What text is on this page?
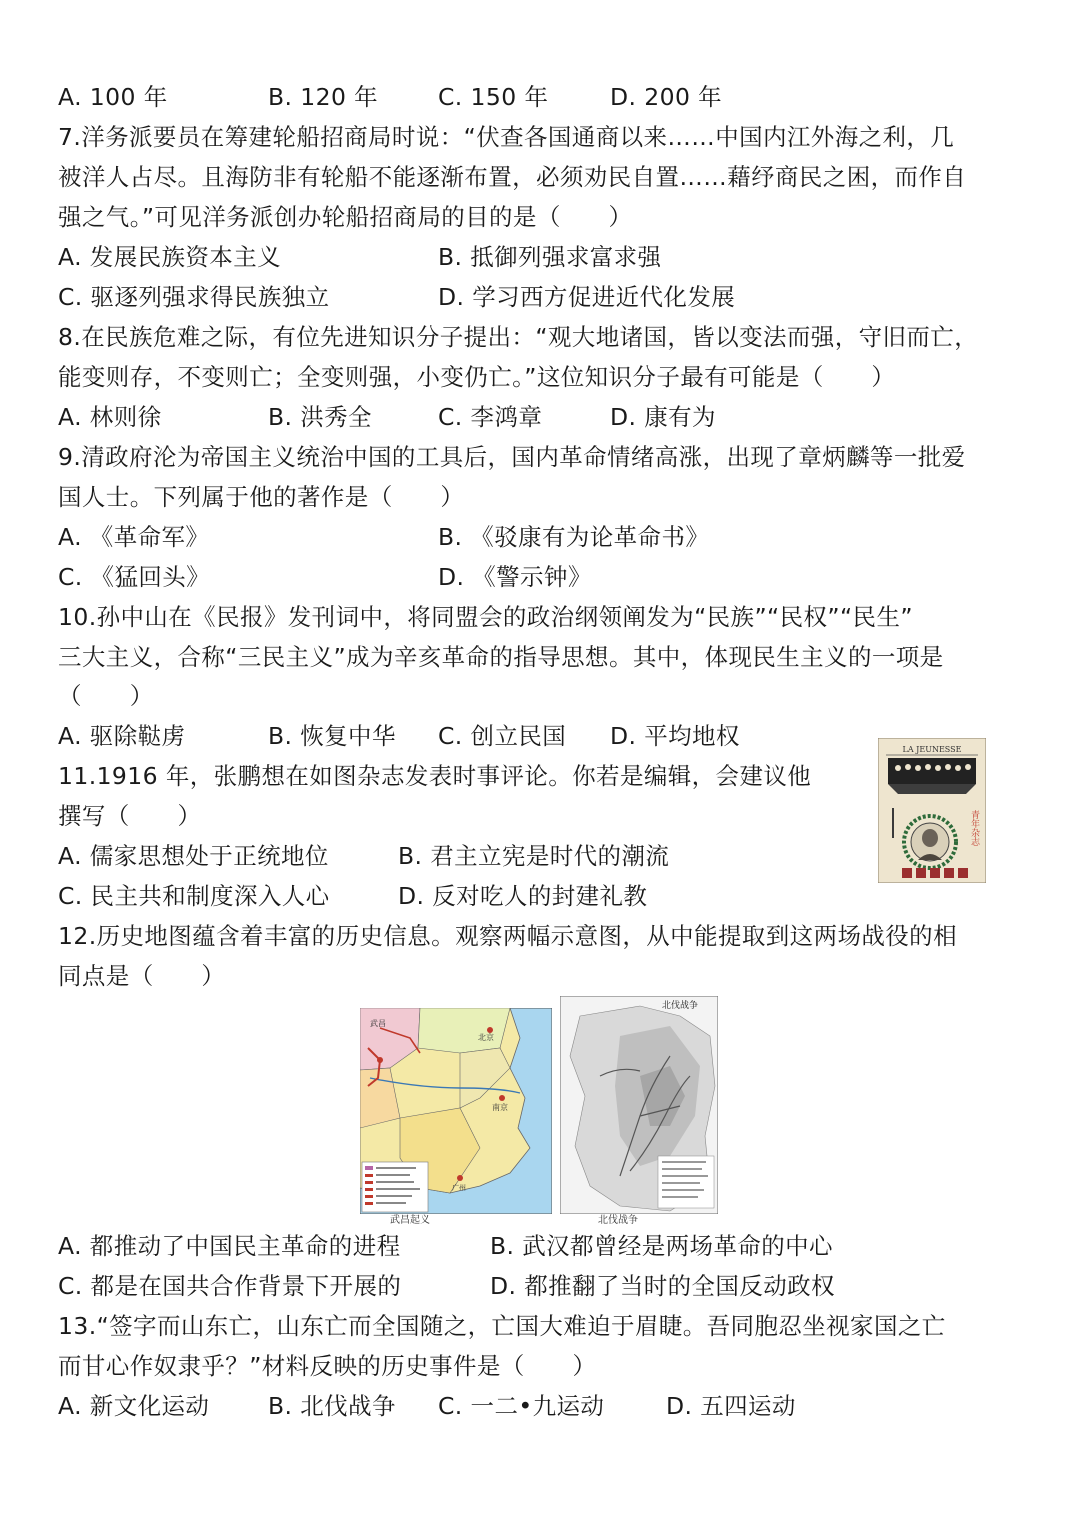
A. 100 年	B. 120 年	C. 150 年	D. 200 年
7.洋务派要员在筹建轮船招商局时说：“伏查各国通商以来……中国内江外海之利，几
被洋人占尽。且海防非有轮船不能逐渐布置，必须劝民自置……藉纾商民之困，而作自
强之气。”可见洋务派创办轮船招商局的目的是（　　）
A. 发展民族资本主义	B. 抵御列强求富求强
C. 驱逐列强求得民族独立	D. 学习西方促进近代化发展
8.在民族危难之际，有位先进知识分子提出：“观大地诸国，皆以变法而强，守旧而亡，
能变则存，不变则亡；全变则强，小变仍亡。”这位知识分子最有可能是（　　）
A. 林则徐	B. 洪秀全	C. 李鸿章	D. 康有为
9.清政府沦为帝国主义统治中国的工具后，国内革命情绪高涨，出现了章炳麟等一批爱
国人士。下列属于他的著作是（　　）
A. 《革命军》	B. 《驳康有为论革命书》
C. 《猛回头》	D. 《警示钟》
10.孙中山在《民报》发刊词中，将同盟会的政治纲领阐发为“民族”“民权”“民生”
三大主义，合称“三民主义”成为辛亥革命的指导思想。其中，体现民生主义的一项是
（　　）
A. 驱除鞑虏	B. 恢复中华 C. 创立民国 D. 平均地权
11.1916 年，张鹏想在如图杂志发表时事评论。你若是编辑，会建议他
撰写（　　）
A. 儒家思想处于正统地位	B. 君主立宪是时代的潮流
C. 民主共和制度深入人心	D. 反对吃人的封建礼教
LA JEUNESSE
青年杂志
12.历史地图蕴含着丰富的历史信息。观察两幅示意图，从中能提取到这两场战役的相
同点是（　　）
武昌
北京
南京
广州
武昌起义
北伐战争
北伐战争
A. 都推动了中国民主革命的进程	B. 武汉都曾经是两场革命的中心
C. 都是在国共合作背景下开展的	D. 都推翻了当时的全国反动政权
13.“签字而山东亡，山东亡而全国随之，亡国大难迫于眉睫。吾同胞忍坐视家国之亡
而甘心作奴隶乎？”材料反映的历史事件是（　　）
A. 新文化运动 B. 北伐战争 C. 一二•九运动	D. 五四运动
